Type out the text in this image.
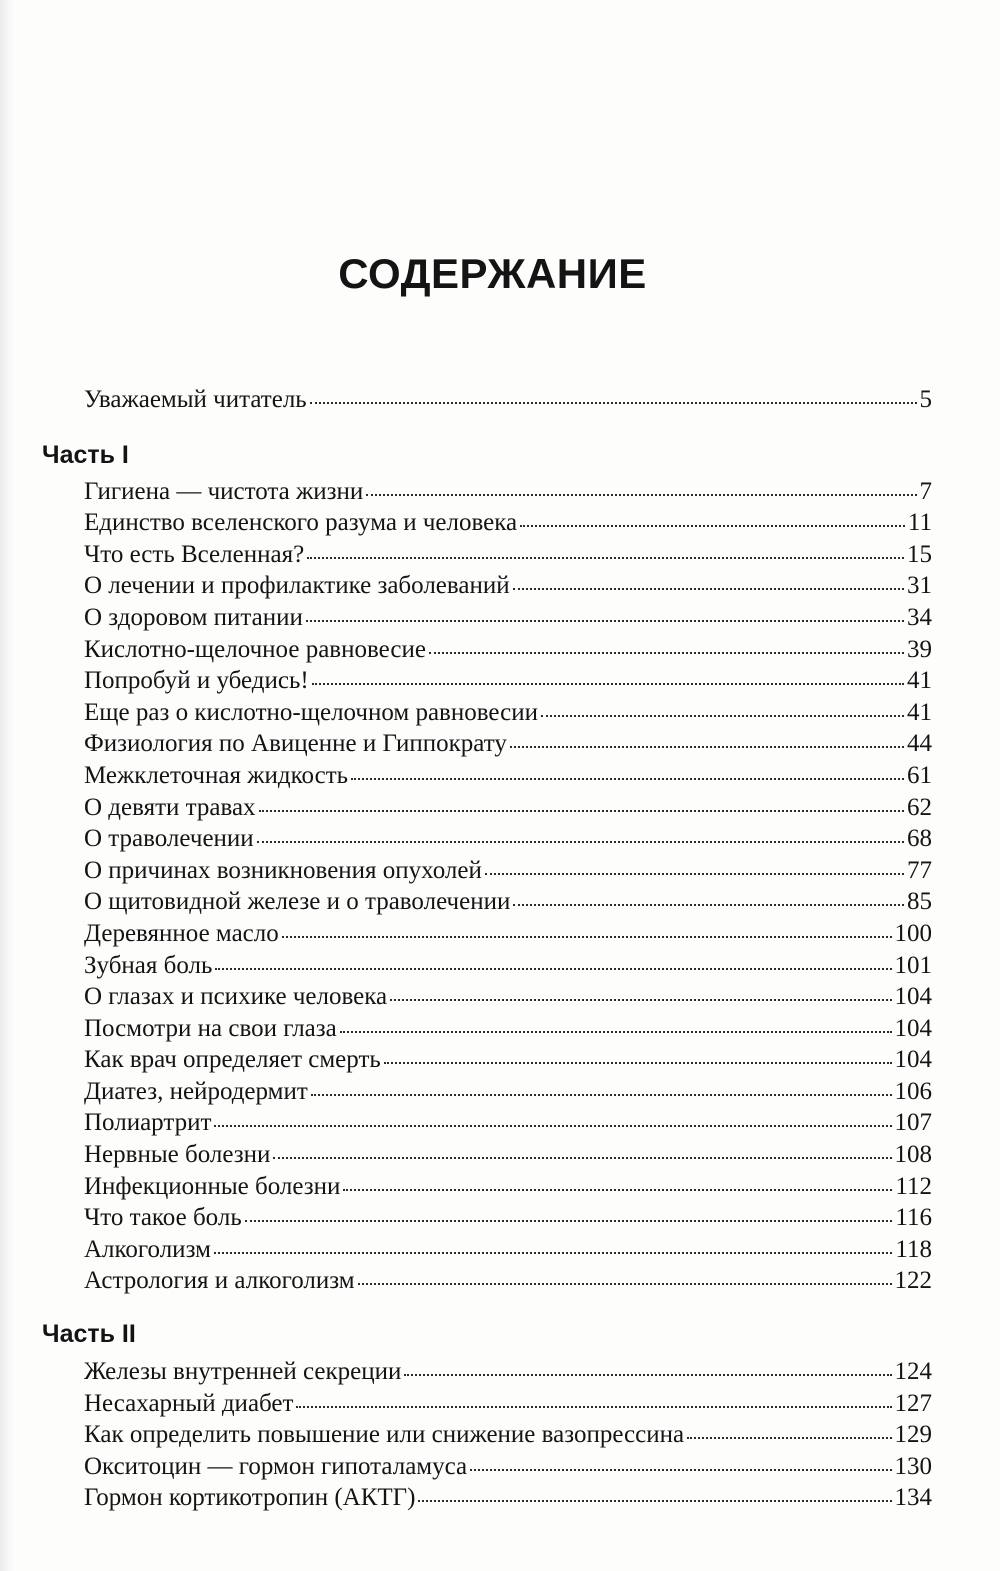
СОДЕРЖАНИЕ
Уважаемый читатель	5
Часть I
Гигиена — чистота жизни	7
Единство вселенского разума и человека	11
Что есть Вселенная?	15
О лечении и профилактике заболеваний	31
О здоровом питании	34
Кислотно-щелочное равновесие	39
Попробуй и убедись!	41
Еще раз о кислотно-щелочном равновесии	41
Физиология по Авиценне и Гиппократу	44
Межклеточная жидкость	61
О девяти травах	62
О траволечении	68
О причинах возникновения опухолей	77
О щитовидной железе и о траволечении	85
Деревянное масло	100
Зубная боль	101
О глазах и психике человека	104
Посмотри на свои глаза	104
Как врач определяет смерть	104
Диатез, нейродермит	106
Полиартрит	107
Нервные болезни	108
Инфекционные болезни	112
Что такое боль	116
Алкоголизм	118
Астрология и алкоголизм	122
Часть II
Железы внутренней секреции	124
Несахарный диабет	127
Как определить повышение или снижение вазопрессина	129
Окситоцин — гормон гипоталамуса	130
Гормон кортикотропин (АКТГ)	134
